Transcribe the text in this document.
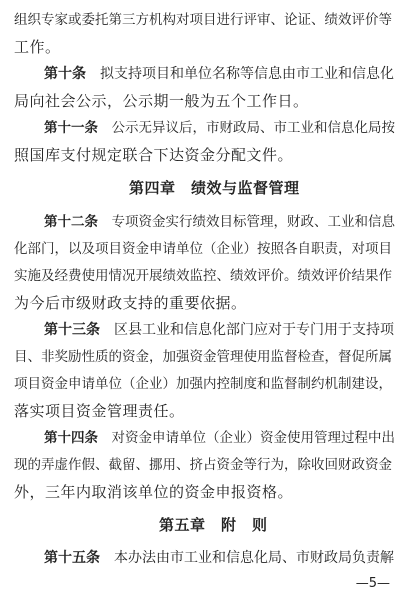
组织专家或委托第三方机构对项目进行评审、论证、绩效评价等
工作。
第十条　 拟支持项目和单位名称等信息由市工业和信息化
局向社会公示，公示期一般为五个工作日。
第十一条　 公示无异议后，市财政局、市工业和信息化局按
照国库支付规定联合下达资金分配文件。
第四章　 绩效与监督管理
第十二条　 专项资金实行绩效目标管理，财政、工业和信息
化部门，以及项目资金申请单位（企业）按照各自职责，对项目
实施及经费使用情况开展绩效监控、绩效评价。绩效评价结果作
为今后市级财政支持的重要依据。
第十三条　 区县工业和信息化部门应对于专门用于支持项
目、非奖励性质的资金，加强资金管理使用监督检查，督促所属
项目资金申请单位（企业）加强内控制度和监督制约机制建设，
落实项目资金管理责任。
第十四条　 对资金申请单位（企业）资金使用管理过程中出
现的弄虚作假、截留、挪用、挤占资金等行为，除收回财政资金
外，三年内取消该单位的资金申报资格。
第五章　 附　则
第十五条　 本办法由市工业和信息化局、市财政局负责解
—5—
